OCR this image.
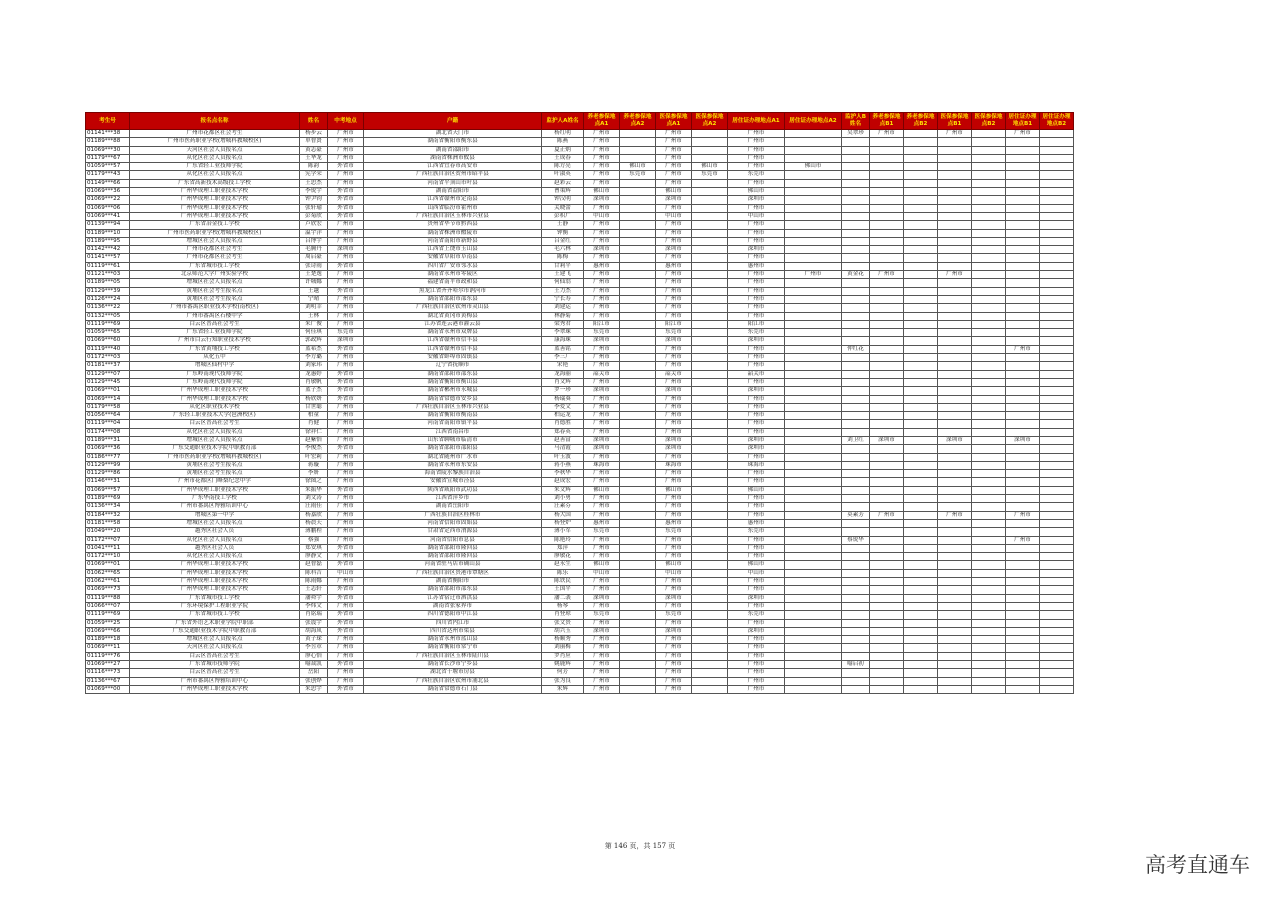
考生号	报名点名称	姓名	中考地点	户籍	监护人A姓名	养老参保地点A1	养老参保地点A2	医保参保地点A1	医保参保地点A2	居住证办理地点A1	居住证办理地点A2	监护人B姓名	养老参保地点B1	养老参保地点B2	医保参保地点B1	医保参保地点B2	居住证办理地点B1	居住证办理地点B2
01141***38	广州市花都区社会考生	杨步云	广州市	湖北省天门市	杨红明	广州市		广州市		广州市		吴翠珍	广州市		广州市		广州市	
01189***88	广州市医药职业学校(增城科教城校区)	单智贤	广州市	湖南省衡阳市衡东县	陈燕	广州市		广州市		广州市								
01069***30	天河区社会人员报名点	黄志豪	广州市	湖南省邵阳市	夏正炳	广州市		广州市		广州市								
01179***67	从化区社会人员报名点	王华龙	广州市	湖南省株洲市攸县	王成春	广州市		广州市		广州市								
01059***57	广东省轻工业技师学院	陈韵	外省市	江西省宜春市高安市	陈方亮	广州市	佛山市	广州市	佛山市	广州市	佛山市							
01179***43	从化区社会人员报名点	宪学荣	广州市	广西壮族自治区贺州市昭平县	叶淑英	广州市	东莞市	广州市	东莞市	东莞市								
01149***66	广东省高新技术高级技工学校	王思杰	广州市	河南省平顶山市叶县	赵彩云	广州市		广州市		广州市								
01069***36	广州华成理工职业技术学校	李锐宇	外省市	湖南省益阳市	曹策辉	佛山市		佛山市		佛山市								
01069***22	广州华成理工职业技术学校	钟尹钧	外省市	江西省赣州市定南县	钟汉明	深圳市		深圳市		深圳市								
01069***06	广州华成理工职业技术学校	张轩瑜	外省市	山西省临汾市霍州市	关晓蕾	广州市		广州市		广州市								
01069***41	广州华成理工职业技术学校	彭菊欣	外省市	广西壮族自治区玉林市兴业县	彭积广	中山市		中山市		中山市								
01139***94	广东省冶金技工学校	卢欣宏	广州市	贵州省毕节市黔西县	王静	广州市		广州市		广州市								
01189***10	广州市医药职业学校(增城科教城校区)	温宇洋	广州市	湖南省株洲市醴陵市	钟衡	广州市		广州市		广州市								
01189***95	增城区社会人员报名点	吕博宇	广州市	河南省南阳市新野县	吕金红	广州市		广州市		广州市								
01142***42	广州市花都区社会考生	毛腾丹	深圳市	江西省上饶市玉山县	毛六林	深圳市		深圳市		深圳市								
01141***57	广州市花都区社会考生	周启豪	广州市	安徽省阜阳市阜南县	陈梅	广州市		广州市		广州市								
01119***61	广东省城市技工学校	张诗雨	外省市	四川省广安市邻水县	甘莉平	惠州市		惠州市		惠州市								
01121***03	北京师范大学广州实验学校	王楚逸	广州市	湖南省永州市零陵区	王建飞	广州市		广州市		广州市	广州市	黄金花	广州市		广州市			
01189***05	增城区社会人员报名点	许城娜	广州市	福建省南平市政和县	何仙翁	广州市		广州市		广州市								
01129***39	黄埔区社会考生报名点	王越	外省市	黑龙江省齐齐哈尔市讷河市	王力杰	广州市		广州市		广州市								
01126***24	黄埔区社会考生报名点	宁晴	广州市	湖南省邵阳市邵东县	宁长寿	广州市		广州市		广州市								
01136***22	广州市番禺区职业技术学校(南校区)	刘明幸	广州市	广西壮族自治区钦州市灵山县	刘建运	广州市		广州市		广州市								
01132***05	广州市番禺区石楼中学	王林	广州市	湖北省黄冈市黄梅县	林静菊	广州市		广州市		广州市								
01119***69	白云区普高社会考生	朱广俊	广州市	江苏省连云港市灌云县	梁秀君	阳江市		阳江市		阳江市								
01059***65	广东省轻工业技师学院	何佳琪	东莞市	湖南省永州市双牌县	李翠珠	东莞市		东莞市		东莞市								
01069***60	广州市白云行知职业技术学校	郭政辉	深圳市	江西省赣州市信丰县	康海珠	深圳市		深圳市		深圳市								
01119***40	广东省黄埔技工学校	蓝希杰	外省市	江西省赣州市信丰县	蓝善铭	广州市		广州市		广州市		仲红花					广州市	
01172***03	从化五中	李方璐	广州市	安徽省蚌埠市固镇县	李三厂	广州市		广州市		广州市								
01181***37	增城区仙村中学	刘家玮	广州市	辽宁省抚顺市	宋艳	广州市		广州市		广州市								
01129***07	广东岭南现代技师学院	龙惠婷	外省市	湖南省邵阳市邵东县	龙海丽	韶关市		韶关市		韶关市								
01129***45	广东岭南现代技师学院	肖敏帆	外省市	湖南省衡阳市衡山县	肖文辉	广州市		广州市		广州市								
01069***01	广州华成理工职业技术学校	蓝子杰	外省市	湖南省郴州市永城县	罗一珍	深圳市		深圳市		深圳市								
01069***14	广州华成理工职业技术学校	杨欣妍	外省市	湖南省常德市安乡县	杨瑞葵	广州市		广州市		广州市								
01179***58	从化区职业技术学校	甘世聪	广州市	广西壮族自治区玉林市兴业县	李爱文	广州市		广州市		广州市								
01056***64	广东轻工职业技术大学(琶洲校区)	柏童	广州市	湖南省衡阳市衡南县	柏运龙	广州市		广州市		广州市								
01119***04	白云区普高社会考生	肖健	广州市	河南省南阳市镇平县	肖德胜	广州市		广州市		广州市								
01174***08	从化区社会人员报名点	徐祥仁	广州市	江西省南昌市	郑春英	广州市		广州市		广州市								
01189***31	增城区社会人员报名点	赵紫怡	广州市	山东省聊城市临清市	赵善富	深圳市		深圳市		深圳市		刘卫红	深圳市		深圳市		深圳市	
01069***36	广东交通职业技术学院中职教育部	李俊杰	外省市	湖南省邵阳市邵阳县	马清霞	深圳市		深圳市		深圳市								
01186***77	广州市医药职业学校(增城科教城校区)	叶宏莉	广州市	湖北省随州市广水市	叶玉波	广州市		广州市		广州市								
01129***99	黄埔区社会考生报名点	蒋璇	广州市	湖南省永州市东安县	蒋小燕	珠海市		珠海市		珠海市								
01129***86	黄埔区社会考生报名点	李妍	广州市	海南省陵水黎族自治县	李秋华	广州市		广州市		广州市								
01146***31	广州市花都区门峰梨纪念中学	徐图之	广州市	安徽省宣城市泾县	赵成宏	广州市		广州市		广州市								
01069***57	广州华成理工职业技术学校	朱振华	外省市	陕西省咸阳市武功县	朱文辉	佛山市		佛山市		佛山市								
01189***69	广东华南技工学校	刘文涛	广州市	江西省萍乡市	刘小勇	广州市		广州市		广州市								
01136***34	广州市番禺区博雅培训中心	汪雨佳	广州市	湖南省岳阳市	汪素芬	广州市		广州市		广州市								
01184***32	增城区第一中学	杨嘉欣	广州市	广西壮族自治区桂林市	杨大国	广州市		广州市		广州市		莫素芳	广州市		广州市		广州市	
01181***58	增城区社会人员报名点	杨晨天	广州市	河南省信阳市固始县	杨登炉	惠州市		惠州市		惠州市								
01049***20	越秀区社会人员	薄鹏程	广州市	甘肃省定西市渭源县	薄小军	东莞市		东莞市		东莞市								
01172***07	从化区社会人员报名点	蔡强	广州市	河南省信阳市息县	陈艳玲	广州市		广州市		广州市		蔡锐华					广州市	
01041***11	越秀区社会人员	郑安琪	外省市	湖南省邵阳市隆回县	郑萍	广州市		广州市		广州市								
01172***10	从化区社会人员报名点	廖静文	广州市	湖南省邵阳市隆回县	廖敏花	广州市		广州市		广州市								
01069***01	广州华成理工职业技术学校	赵智磊	外省市	河南省驻马店市确山县	赵永生	佛山市		佛山市		佛山市								
01062***65	广州华成理工职业技术学校	陈科吉	中山市	广西壮族自治区贵港市覃塘区	陈乐	中山市		中山市		中山市								
01062***61	广州华成理工职业技术学校	陈雨娜	广州市	湖南省衡阳市	陈铁民	广州市		广州市		广州市								
01069***73	广州华成理工职业技术学校	王志轩	外省市	湖南省邵阳市邵东县	王国平	广州市		广州市		广州市								
01119***88	广东省城市技工学校	潘舜宇	外省市	江苏省宿迁市泗洪县	潘二袭	深圳市		深圳市		深圳市								
01066***07	广东环境保护工程职业学院	李炜文	广州市	湖南省张家界市	杨琴	广州市		广州市		广州市								
01119***69	广东省城市技工学校	肖铭瑞	外省市	四川省德阳市中江县	肖登琼	东莞市		东莞市		东莞市								
01059***25	广东省外语艺术职业学院中职部	张震宇	外省市	四川省内江市	张文贵	广州市		广州市		广州市								
01069***66	广东交通职业技术学院中职教育部	胡海凤	外省市	四川省达州市渠县	胡兴玉	深圳市		深圳市		深圳市								
01189***18	增城区社会人员报名点	黄子琛	广州市	湖南省永州市蓝山县	杨顺秀	广州市		广州市		广州市								
01069***11	天河区社会人员报名点	李昱章	广州市	湖南省衡阳市常宁市	刘丽梅	广州市		广州市		广州市								
01119***76	白云区普高社会考生	廖心怡	广州市	广西壮族自治区玉林市陆川县	罗肖应	广州市		广州市		广州市								
01069***27	广东省城市技师学院	喻裁凯	外省市	湖南省长沙市宁乡县	姚鹿辉	广州市		广州市		广州市		喻启初						
01116***73	白云区普高社会考生	岳阳	广州市	湖北省十堰市房县	何芳	广州市		广州市		广州市								
01136***67	广州市番禺区博雅培训中心	张创烨	广州市	广西壮族自治区钦州市浦北县	张为良	广州市		广州市		广州市								
01069***00	广州华成理工职业技术学校	朱思宇	外省市	湖南省常德市石门县	朱辉	广州市		广州市		广州市								
第 146 页，共 157 页
高考直通车
